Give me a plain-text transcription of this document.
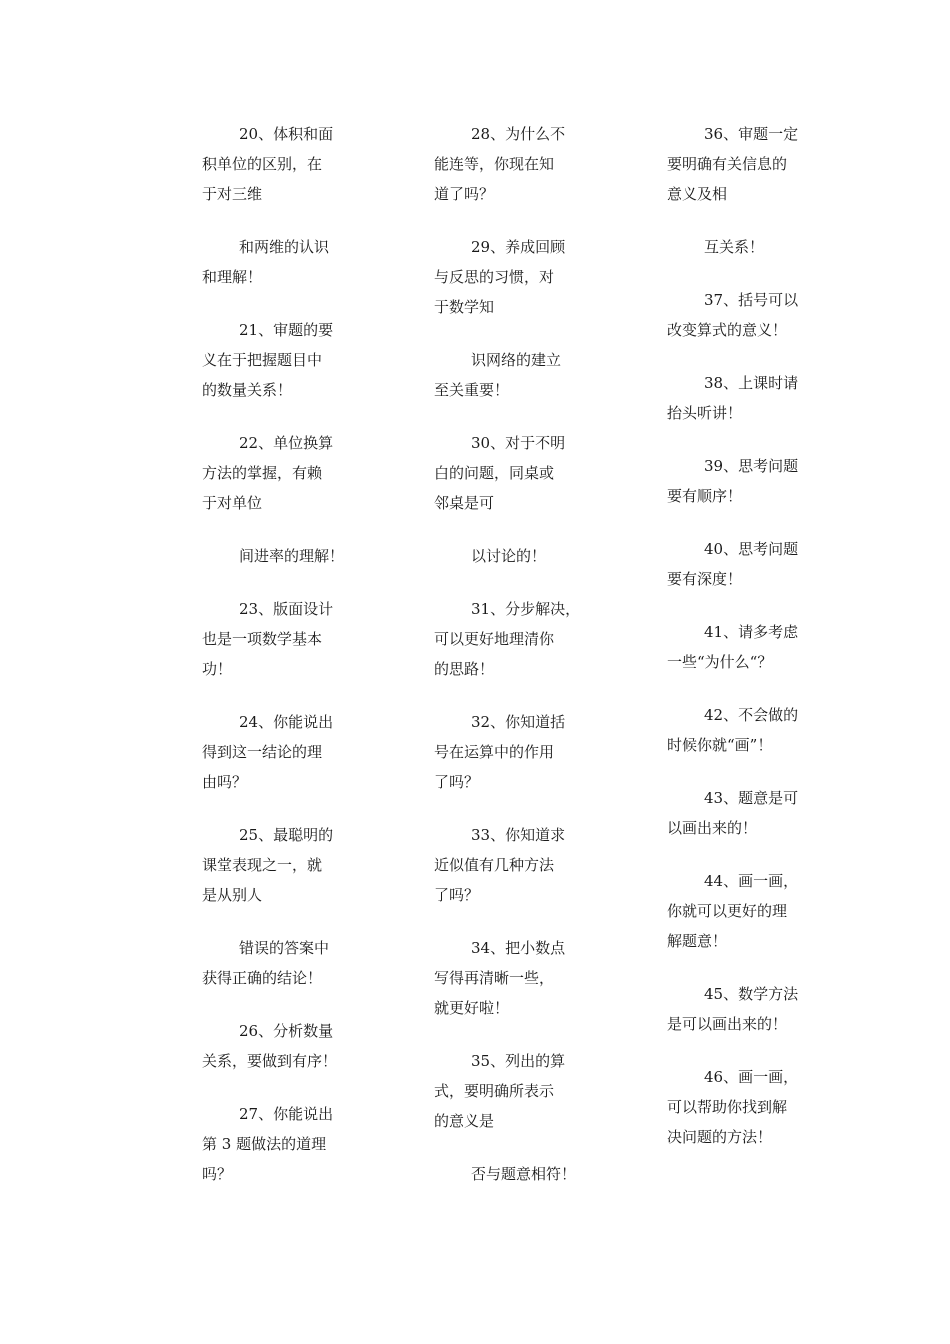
20、体积和面
积单位的区别，在
于对三维

和两维的认识
和理解！

21、审题的要
义在于把握题目中
的数量关系！

22、单位换算
方法的掌握，有赖
于对单位

间进率的理解！

23、版面设计
也是一项数学基本
功！

24、你能说出
得到这一结论的理
由吗？

25、最聪明的
课堂表现之一，就
是从别人

错误的答案中
获得正确的结论！

26、分析数量
关系，要做到有序！

27、你能说出
第 3 题做法的道理
吗？

28、为什么不
能连等，你现在知
道了吗？

29、养成回顾
与反思的习惯，对
于数学知

识网络的建立
至关重要！

30、对于不明
白的问题，同桌或
邻桌是可

以讨论的！

31、分步解决，
可以更好地理清你
的思路！

32、你知道括
号在运算中的作用
了吗？

33、你知道求
近似值有几种方法
了吗？

34、把小数点
写得再清晰一些，
就更好啦！

35、列出的算
式，要明确所表示
的意义是

否与题意相符！

36、审题一定
要明确有关信息的
意义及相

互关系！

37、括号可以
改变算式的意义！

38、上课时请
抬头听讲！

39、思考问题
要有顺序！

40、思考问题
要有深度！

41、请多考虑
一些“为什么“？

42、不会做的
时候你就“画”！

43、题意是可
以画出来的！

44、画一画，
你就可以更好的理
解题意！

45、数学方法
是可以画出来的！

46、画一画，
可以帮助你找到解
决问题的方法！
